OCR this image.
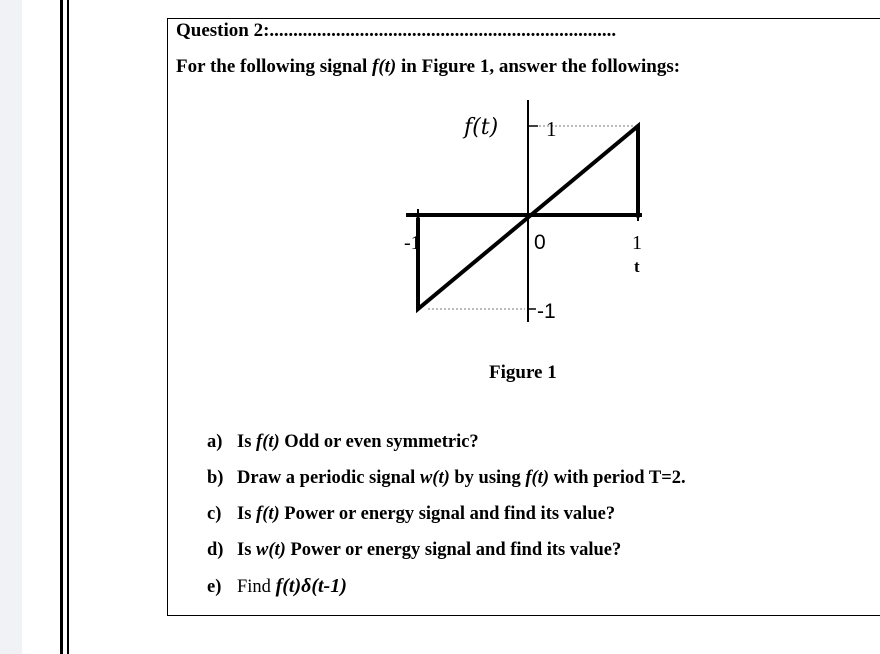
Question 2:.........................................................................
For the following signal f(t) in Figure 1, answer the followings:
f(t) 1
0
-1	1
t
-1
Figure 1
a) Is f(t) Odd or even symmetric?
b) Draw a periodic signal w(t) by using f(t) with period T=2.
c) Is f(t) Power or energy signal and find its value?
d) Is w(t) Power or energy signal and find its value?
e) Find f(t)δ(t-1)
